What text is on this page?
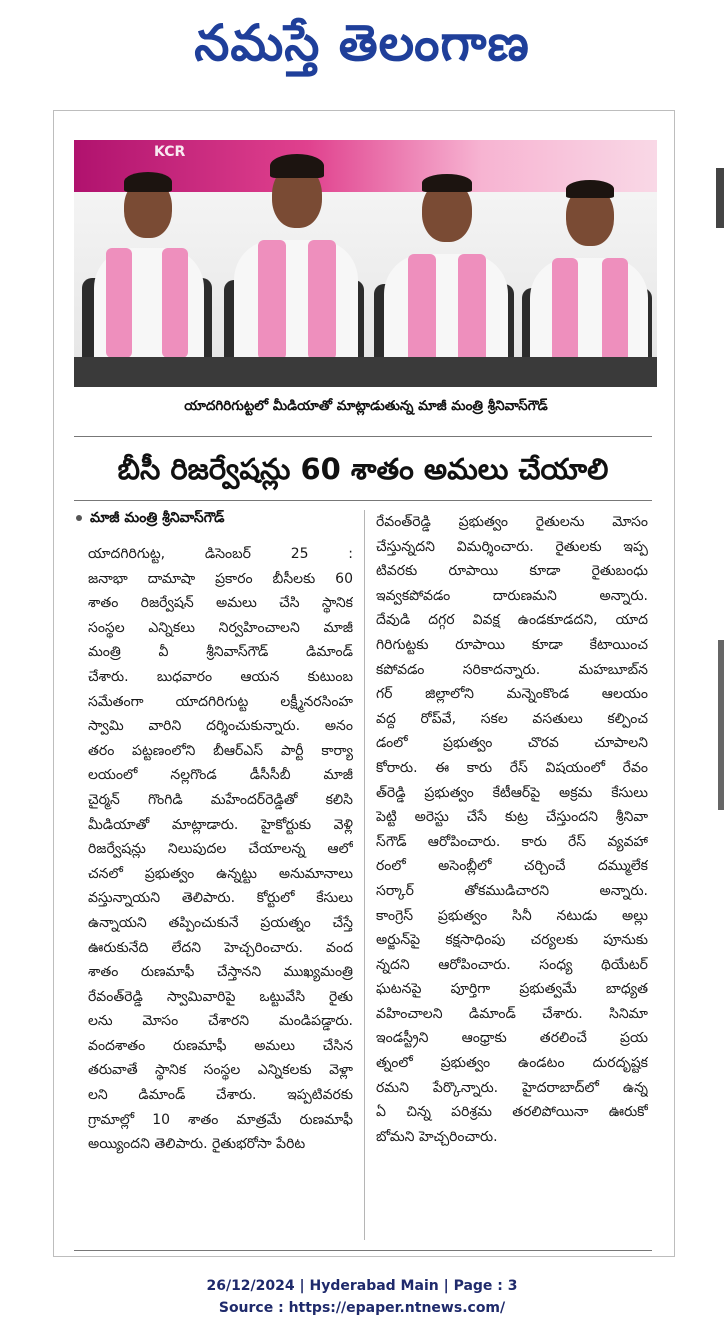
నమస్తే తెలంగాణ
KCR
యాదగిరిగుట్టలో మీడియాతో మాట్లాడుతున్న మాజీ మంత్రి శ్రీనివాస్‌గౌడ్
బీసీ రిజర్వేషన్లు 60 శాతం అమలు చేయాలి
మాజీ మంత్రి శ్రీనివాస్‌గౌడ్
యాదగిరిగుట్ట, డిసెంబర్ 25 :
జనాభా దామాషా ప్రకారం బీసీలకు 60
శాతం రిజర్వేషన్ అమలు చేసి స్థానిక
సంస్థల ఎన్నికలు నిర్వహించాలని మాజీ
మంత్రి వీ శ్రీనివాస్‌గౌడ్ డిమాండ్
చేశారు. బుధవారం ఆయన కుటుంబ
సమేతంగా యాదగిరిగుట్ట లక్ష్మీనరసింహ
స్వామి వారిని దర్శించుకున్నారు. అనం
తరం పట్టణంలోని బీఆర్‌ఎస్ పార్టీ కార్యా
లయంలో నల్లగొండ డీసీసీబీ మాజీ
చైర్మన్ గొంగిడి మహేందర్‌రెడ్డితో కలిసి
మీడియాతో మాట్లాడారు. హైకోర్టుకు వెళ్లి
రిజర్వేషన్లు నిలుపుదల చేయాలన్న ఆలో
చనలో ప్రభుత్వం ఉన్నట్టు అనుమానాలు
వస్తున్నాయని తెలిపారు. కోర్టులో కేసులు
ఉన్నాయని తప్పించుకునే ప్రయత్నం చేస్తే
ఊరుకునేది లేదని హెచ్చరించారు. వంద
శాతం రుణమాఫీ చేస్తానని ముఖ్యమంత్రి
రేవంత్‌రెడ్డి స్వామివారిపై ఒట్టువేసి రైతు
లను మోసం చేశారని మండిపడ్డారు.
వందశాతం రుణమాఫీ అమలు చేసిన
తరువాతే స్థానిక సంస్థల ఎన్నికలకు వెళ్లా
లని డిమాండ్ చేశారు. ఇప్పటివరకు
గ్రామాల్లో 10 శాతం మాత్రమే రుణమాఫీ
అయ్యిందని తెలిపారు. రైతుభరోసా పేరిట
రేవంత్‌రెడ్డి ప్రభుత్వం రైతులను మోసం
చేస్తున్నదని విమర్శించారు. రైతులకు ఇప్ప
టివరకు రూపాయి కూడా రైతుబంధు
ఇవ్వకపోవడం దారుణమని అన్నారు.
దేవుడి దగ్గర వివక్ష ఉండకూడదని, యాద
గిరిగుట్టకు రూపాయి కూడా కేటాయించ
కపోవడం సరికాదన్నారు. మహబూబ్‌న
గర్ జిల్లాలోని మన్నెంకొండ ఆలయం
వద్ద రోప్‌వే, సకల వసతులు కల్పించ
డంలో ప్రభుత్వం చొరవ చూపాలని
కోరారు. ఈ కారు రేస్ విషయంలో రేవం
త్‌రెడ్డి ప్రభుత్వం కేటీఆర్‌పై అక్రమ కేసులు
పెట్టి అరెస్టు చేసే కుట్ర చేస్తుందని శ్రీనివా
స్‌గౌడ్ ఆరోపించారు. కారు రేస్ వ్యవహా
రంలో అసెంబ్లీలో చర్చించే దమ్ములేక
సర్కార్ తోకముడిచారని అన్నారు.
కాంగ్రెస్ ప్రభుత్వం సినీ నటుడు అల్లు
అర్జున్‌పై కక్షసాధింపు చర్యలకు పూనుకు
న్నదని ఆరోపించారు. సంధ్య థియేటర్
ఘటనపై పూర్తిగా ప్రభుత్వమే బాధ్యత
వహించాలని డిమాండ్ చేశారు. సినిమా
ఇండస్ట్రీని ఆంధ్రాకు తరలించే ప్రయ
త్నంలో ప్రభుత్వం ఉండటం దురదృష్టక
రమని పేర్కొన్నారు. హైదరాబాద్‌లో ఉన్న
ఏ చిన్న పరిశ్రమ తరలిపోయినా ఊరుకో
బోమని హెచ్చరించారు.
26/12/2024 | Hyderabad Main | Page : 3
Source : https://epaper.ntnews.com/
